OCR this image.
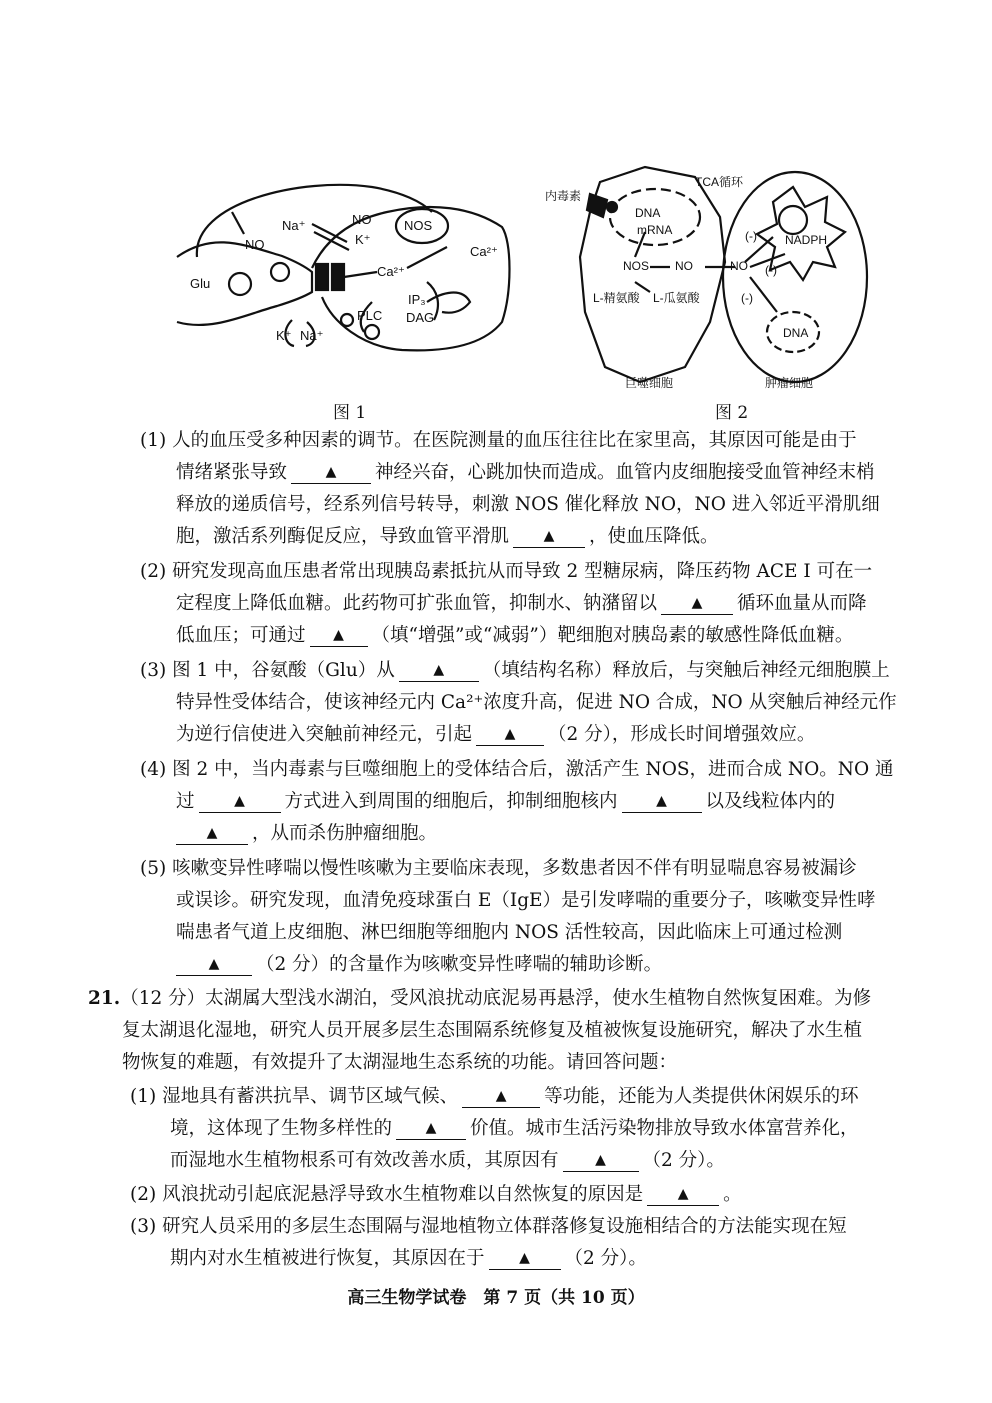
Na⁺
NO
NO	NOS
K⁺
Ca²⁺
Ca²⁺
Glu
IP₃
PLC DAG
K⁺ Na⁺
图 1
内毒素
DNA
mRNA
NOS NO
L-精氨酸 L-瓜氨酸
巨噬细胞
TCA循环
NADPH
NO
(-)
(-)
(-)
DNA
肿瘤细胞
图 2
(1) 人的血压受多种因素的调节。在医院测量的血压往往比在家里高，其原因可能是由于
情绪紧张导致	▲ 神经兴奋，心跳加快而造成。血管内皮细胞接受血管神经末梢
释放的递质信号，经系列信号转导，刺激 NOS 催化释放 NO，NO 进入邻近平滑肌细
胞，激活系列酶促反应，导致血管平滑肌 ▲ ，使血压降低。
(2) 研究发现高血压患者常出现胰岛素抵抗从而导致 2 型糖尿病，降压药物 ACE I 可在一
定程度上降低血糖。此药物可扩张血管，抑制水、钠潴留以 ▲ 循环血量从而降
低血压；可通过 ▲ （填“增强”或“减弱”）靶细胞对胰岛素的敏感性降低血糖。
(3) 图 1 中，谷氨酸（Glu）从	▲ （填结构名称）释放后，与突触后神经元细胞膜上
特异性受体结合，使该神经元内 Ca²⁺浓度升高，促进 NO 合成，NO 从突触后神经元作
为逆行信使进入突触前神经元，引起 ▲ （2 分），形成长时间增强效应。
(4) 图 2 中，当内毒素与巨噬细胞上的受体结合后，激活产生 NOS，进而合成 NO。NO 通
过	▲ 方式进入到周围的细胞后，抑制细胞核内	▲ 以及线粒体内的
▲ ，从而杀伤肿瘤细胞。
(5) 咳嗽变异性哮喘以慢性咳嗽为主要临床表现，多数患者因不伴有明显喘息容易被漏诊
或误诊。研究发现，血清免疫球蛋白 E（IgE）是引发哮喘的重要分子，咳嗽变异性哮
喘患者气道上皮细胞、淋巴细胞等细胞内 NOS 活性较高，因此临床上可通过检测
▲ （2 分）的含量作为咳嗽变异性哮喘的辅助诊断。
21.（12 分）太湖属大型浅水湖泊，受风浪扰动底泥易再悬浮，使水生植物自然恢复困难。为修
复太湖退化湿地，研究人员开展多层生态围隔系统修复及植被恢复设施研究，解决了水生植
物恢复的难题，有效提升了太湖湿地生态系统的功能。请回答问题：
(1) 湿地具有蓄洪抗旱、调节区域气候、	▲ 等功能，还能为人类提供休闲娱乐的环
境，这体现了生物多样性的 ▲ 价值。城市生活污染物排放导致水体富营养化，
而湿地水生植物根系可有效改善水质，其原因有	▲ （2 分）。
(2) 风浪扰动引起底泥悬浮导致水生植物难以自然恢复的原因是 ▲ 。
(3) 研究人员采用的多层生态围隔与湿地植物立体群落修复设施相结合的方法能实现在短
期内对水生植被进行恢复，其原因在于 ▲ （2 分）。
高三生物学试卷　第 7 页（共 10 页）
